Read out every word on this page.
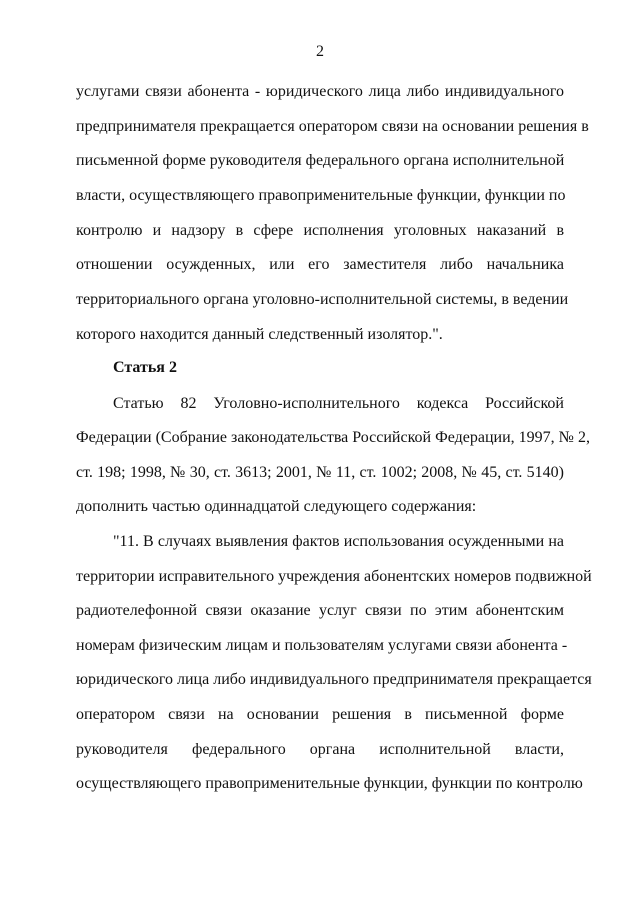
2
услугами связи абонента - юридического лица либо индивидуального
предпринимателя прекращается оператором связи на основании решения в
письменной форме руководителя федерального органа исполнительной
власти, осуществляющего правоприменительные функции, функции по
контролю и надзору в сфере исполнения уголовных наказаний в
отношении осужденных, или его заместителя либо начальника
территориального органа уголовно-исполнительной системы, в ведении
которого находится данный следственный изолятор.".
Статья 2
Статью 82 Уголовно-исполнительного кодекса Российской
Федерации (Собрание законодательства Российской Федерации, 1997, № 2,
ст. 198; 1998, № 30, ст. 3613; 2001, № 11, ст. 1002; 2008, № 45, ст. 5140)
дополнить частью одиннадцатой следующего содержания:
"11. В случаях выявления фактов использования осужденными на
территории исправительного учреждения абонентских номеров подвижной
радиотелефонной связи оказание услуг связи по этим абонентским
номерам физическим лицам и пользователям услугами связи абонента -
юридического лица либо индивидуального предпринимателя прекращается
оператором связи на основании решения в письменной форме
руководителя федерального органа исполнительной власти,
осуществляющего правоприменительные функции, функции по контролю
